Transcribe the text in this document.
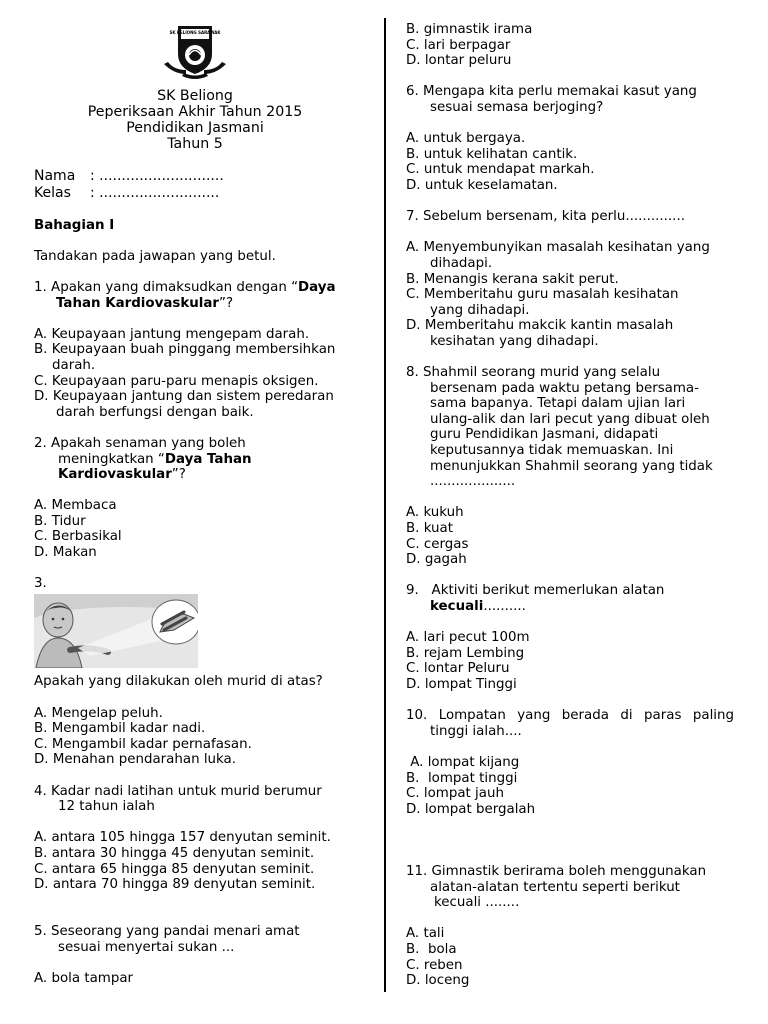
SK BELIONG SARAWAK

SK Beliong

Peperiksaan Akhir Tahun 2015

Pendidikan Jasmani

Tahun 5

Nama	: ............................
Kelas	: ...........................

Bahagian I

Tandakan pada jawapan yang betul.

1. Apakan yang dimaksudkan dengan “Daya
Tahan Kardiovaskular”?

A. Keupayaan jantung mengepam darah.

B. Keupayaan buah pinggang membersihkan

darah.

C. Keupayaan paru-paru menapis oksigen.

D. Keupayaan jantung dan sistem peredaran

darah berfungsi dengan baik.

2. Apakah senaman yang boleh

meningkatkan “Daya Tahan

Kardiovaskular”?

A. Membaca

B. Tidur

C. Berbasikal

D. Makan

3.

Apakah yang dilakukan oleh murid di atas?

A. Mengelap peluh.

B. Mengambil kadar nadi.

C. Mengambil kadar pernafasan.

D. Menahan pendarahan luka.

4. Kadar nadi latihan untuk murid berumur

12 tahun ialah

A. antara 105 hingga 157 denyutan seminit.

B. antara 30 hingga 45 denyutan seminit.

C. antara 65 hingga 85 denyutan seminit.

D. antara 70 hingga 89 denyutan seminit.

5. Seseorang yang pandai menari amat

sesuai menyertai sukan ...

A. bola tampar

B. gimnastik irama

C. lari berpagar

D. lontar peluru

6. Mengapa kita perlu memakai kasut yang

sesuai semasa berjoging?

A. untuk bergaya.

B. untuk kelihatan cantik.

C. untuk mendapat markah.

D. untuk keselamatan.

7. Sebelum bersenam, kita perlu..............

A. Menyembunyikan masalah kesihatan yang

dihadapi.

B. Menangis kerana sakit perut.

C. Memberitahu guru masalah kesihatan

yang dihadapi.

D. Memberitahu makcik kantin masalah

kesihatan yang dihadapi.

8. Shahmil seorang murid yang selalu

bersenam pada waktu petang bersama-

sama bapanya. Tetapi dalam ujian lari

ulang-alik dan lari pecut yang dibuat oleh

guru Pendidikan Jasmani, didapati

keputusannya tidak memuaskan. Ini

menunjukkan Shahmil seorang yang tidak

....................

A. kukuh

B. kuat

C. cergas

D. gagah

9.   Aktiviti berikut memerlukan alatan

kecuali..........

A. lari pecut 100m

B. rejam Lembing

C. lontar Peluru

D. lompat Tinggi

10. Lompatan yang berada di paras paling

tinggi ialah....

A. lompat kijang

B.  lompat tinggi

C. lompat jauh

D. lompat bergalah

11. Gimnastik berirama boleh menggunakan

alatan-alatan tertentu seperti berikut

kecuali ........

A. tali

B.  bola

C. reben

D. loceng
